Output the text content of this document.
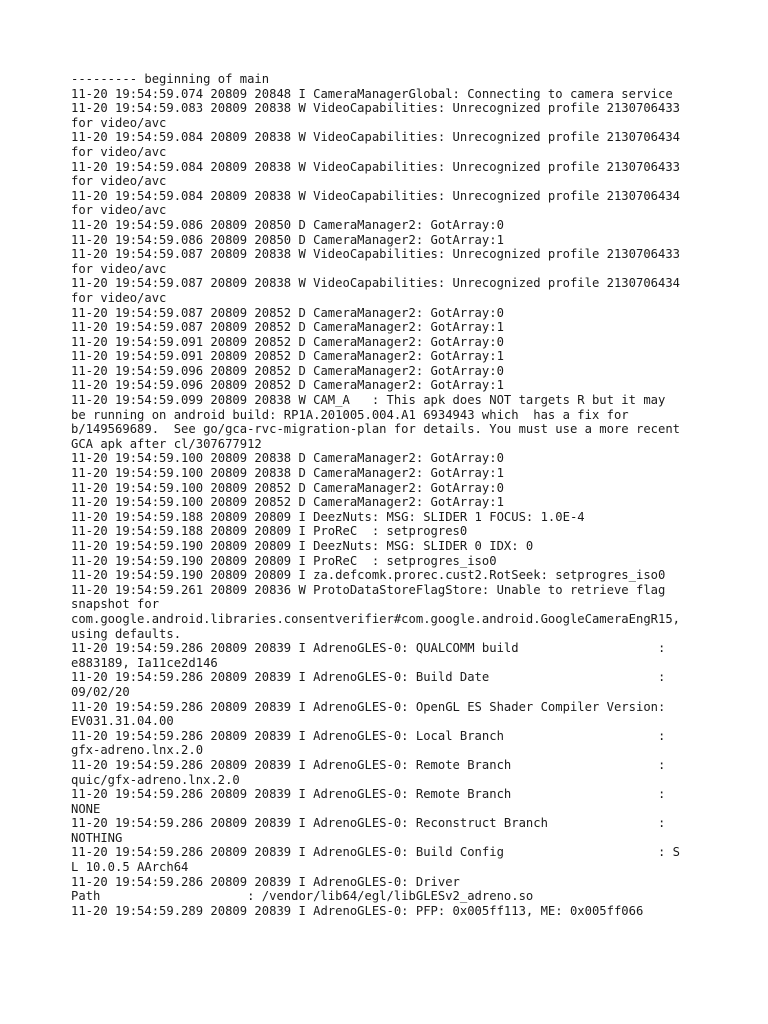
--------- beginning of main
11-20 19:54:59.074 20809 20848 I CameraManagerGlobal: Connecting to camera service
11-20 19:54:59.083 20809 20838 W VideoCapabilities: Unrecognized profile 2130706433
for video/avc
11-20 19:54:59.084 20809 20838 W VideoCapabilities: Unrecognized profile 2130706434
for video/avc
11-20 19:54:59.084 20809 20838 W VideoCapabilities: Unrecognized profile 2130706433
for video/avc
11-20 19:54:59.084 20809 20838 W VideoCapabilities: Unrecognized profile 2130706434
for video/avc
11-20 19:54:59.086 20809 20850 D CameraManager2: GotArray:0
11-20 19:54:59.086 20809 20850 D CameraManager2: GotArray:1
11-20 19:54:59.087 20809 20838 W VideoCapabilities: Unrecognized profile 2130706433
for video/avc
11-20 19:54:59.087 20809 20838 W VideoCapabilities: Unrecognized profile 2130706434
for video/avc
11-20 19:54:59.087 20809 20852 D CameraManager2: GotArray:0
11-20 19:54:59.087 20809 20852 D CameraManager2: GotArray:1
11-20 19:54:59.091 20809 20852 D CameraManager2: GotArray:0
11-20 19:54:59.091 20809 20852 D CameraManager2: GotArray:1
11-20 19:54:59.096 20809 20852 D CameraManager2: GotArray:0
11-20 19:54:59.096 20809 20852 D CameraManager2: GotArray:1
11-20 19:54:59.099 20809 20838 W CAM_A   : This apk does NOT targets R but it may
be running on android build: RP1A.201005.004.A1 6934943 which  has a fix for
b/149569689.  See go/gca-rvc-migration-plan for details. You must use a more recent
GCA apk after cl/307677912
11-20 19:54:59.100 20809 20838 D CameraManager2: GotArray:0
11-20 19:54:59.100 20809 20838 D CameraManager2: GotArray:1
11-20 19:54:59.100 20809 20852 D CameraManager2: GotArray:0
11-20 19:54:59.100 20809 20852 D CameraManager2: GotArray:1
11-20 19:54:59.188 20809 20809 I DeezNuts: MSG: SLIDER 1 FOCUS: 1.0E-4
11-20 19:54:59.188 20809 20809 I ProReC  : setprogres0
11-20 19:54:59.190 20809 20809 I DeezNuts: MSG: SLIDER 0 IDX: 0
11-20 19:54:59.190 20809 20809 I ProReC  : setprogres_iso0
11-20 19:54:59.190 20809 20809 I za.defcomk.prorec.cust2.RotSeek: setprogres_iso0
11-20 19:54:59.261 20809 20836 W ProtoDataStoreFlagStore: Unable to retrieve flag
snapshot for
com.google.android.libraries.consentverifier#com.google.android.GoogleCameraEngR15,
using defaults.
11-20 19:54:59.286 20809 20839 I AdrenoGLES-0: QUALCOMM build                   :
e883189, Ia11ce2d146
11-20 19:54:59.286 20809 20839 I AdrenoGLES-0: Build Date                       :
09/02/20
11-20 19:54:59.286 20809 20839 I AdrenoGLES-0: OpenGL ES Shader Compiler Version:
EV031.31.04.00
11-20 19:54:59.286 20809 20839 I AdrenoGLES-0: Local Branch                     :
gfx-adreno.lnx.2.0
11-20 19:54:59.286 20809 20839 I AdrenoGLES-0: Remote Branch                    :
quic/gfx-adreno.lnx.2.0
11-20 19:54:59.286 20809 20839 I AdrenoGLES-0: Remote Branch                    :
NONE
11-20 19:54:59.286 20809 20839 I AdrenoGLES-0: Reconstruct Branch               :
NOTHING
11-20 19:54:59.286 20809 20839 I AdrenoGLES-0: Build Config                     : S
L 10.0.5 AArch64
11-20 19:54:59.286 20809 20839 I AdrenoGLES-0: Driver
Path                    : /vendor/lib64/egl/libGLESv2_adreno.so
11-20 19:54:59.289 20809 20839 I AdrenoGLES-0: PFP: 0x005ff113, ME: 0x005ff066
